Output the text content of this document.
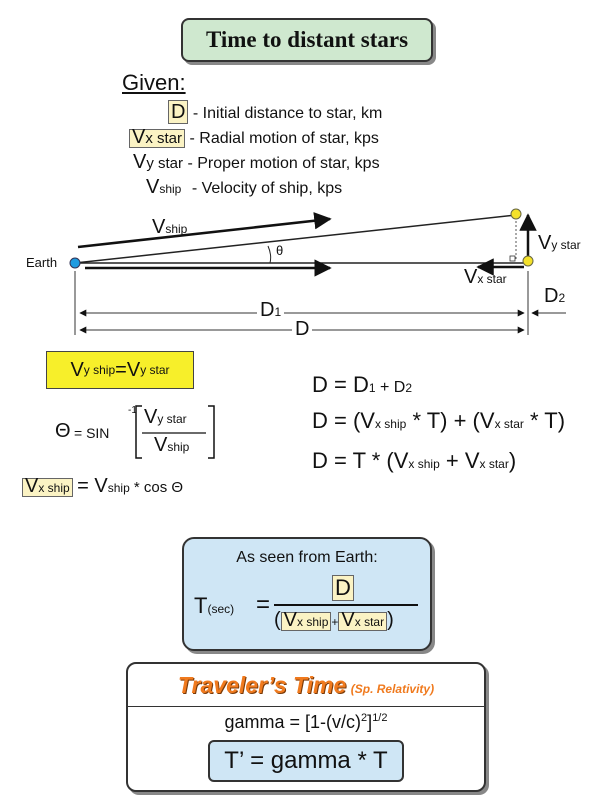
Time to distant stars
Given:
D - Initial distance to star, km
Vx star - Radial motion of star, kps
Vy star - Proper motion of star, kps
Vship - Velocity of ship, kps
Earth
Vship
θ	Vy star
Vx star
D2
D1
D
V y ship = V y star
Θ = SIN
-1 Vy star
Vship
Vx ship = Vship * cos Θ
D = D1 + D2
D = (Vx ship * T) + (Vx star * T)
D = T * (Vx ship + Vx star)
As seen from Earth:
T(sec) =
D
( Vx ship + Vx star )
Traveler’s Time (Sp. Relativity)
gamma = $[1-(v/c)^2]^{1/2}$
T’ = gamma * T
